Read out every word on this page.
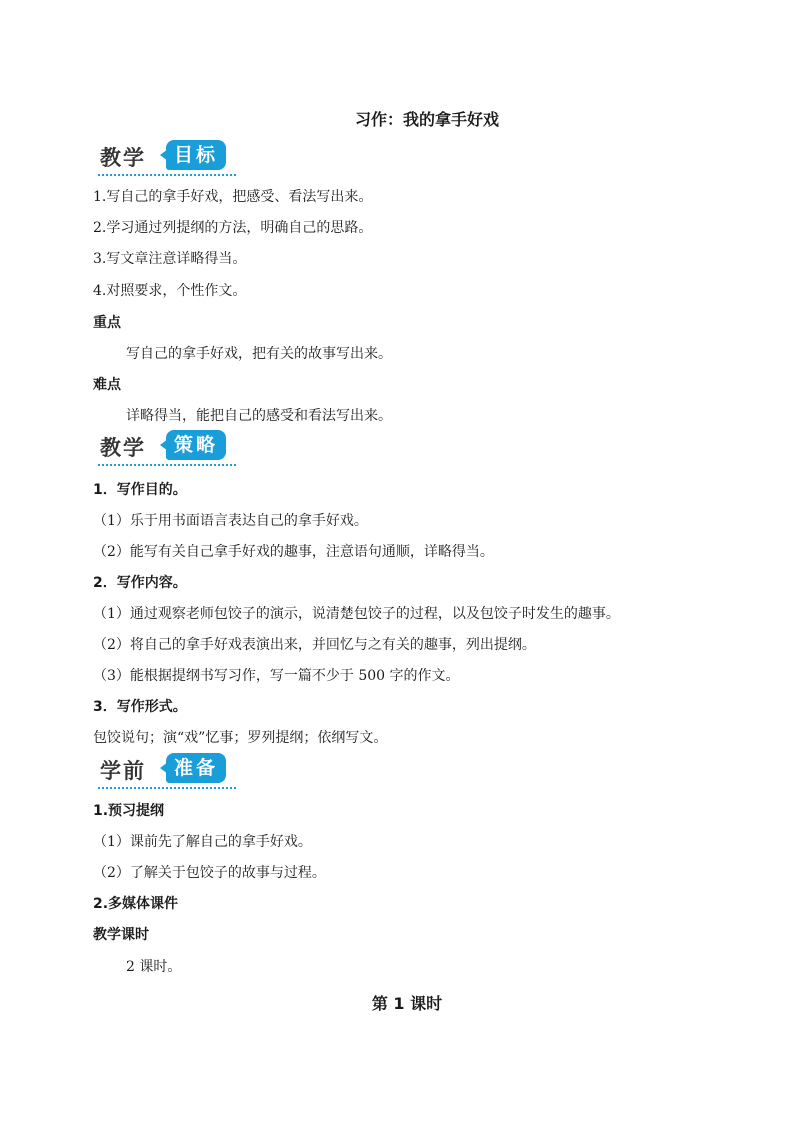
习作：我的拿手好戏
教学	目标
1.写自己的拿手好戏，把感受、看法写出来。
2.学习通过列提纲的方法，明确自己的思路。
3.写文章注意详略得当。
4.对照要求，个性作文。
重点
写自己的拿手好戏，把有关的故事写出来。
难点
详略得当，能把自己的感受和看法写出来。
教学	策略
1．写作目的。
（1）乐于用书面语言表达自己的拿手好戏。
（2）能写有关自己拿手好戏的趣事，注意语句通顺，详略得当。
2．写作内容。
（1）通过观察老师包饺子的演示，说清楚包饺子的过程，以及包饺子时发生的趣事。
（2）将自己的拿手好戏表演出来，并回忆与之有关的趣事，列出提纲。
（3）能根据提纲书写习作，写一篇不少于 500 字的作文。
3．写作形式。
包饺说句；演“戏”忆事；罗列提纲；依纲写文。
学前	准备
1.预习提纲
（1）课前先了解自己的拿手好戏。
（2）了解关于包饺子的故事与过程。
2.多媒体课件
教学课时
2 课时。
第 1 课时
